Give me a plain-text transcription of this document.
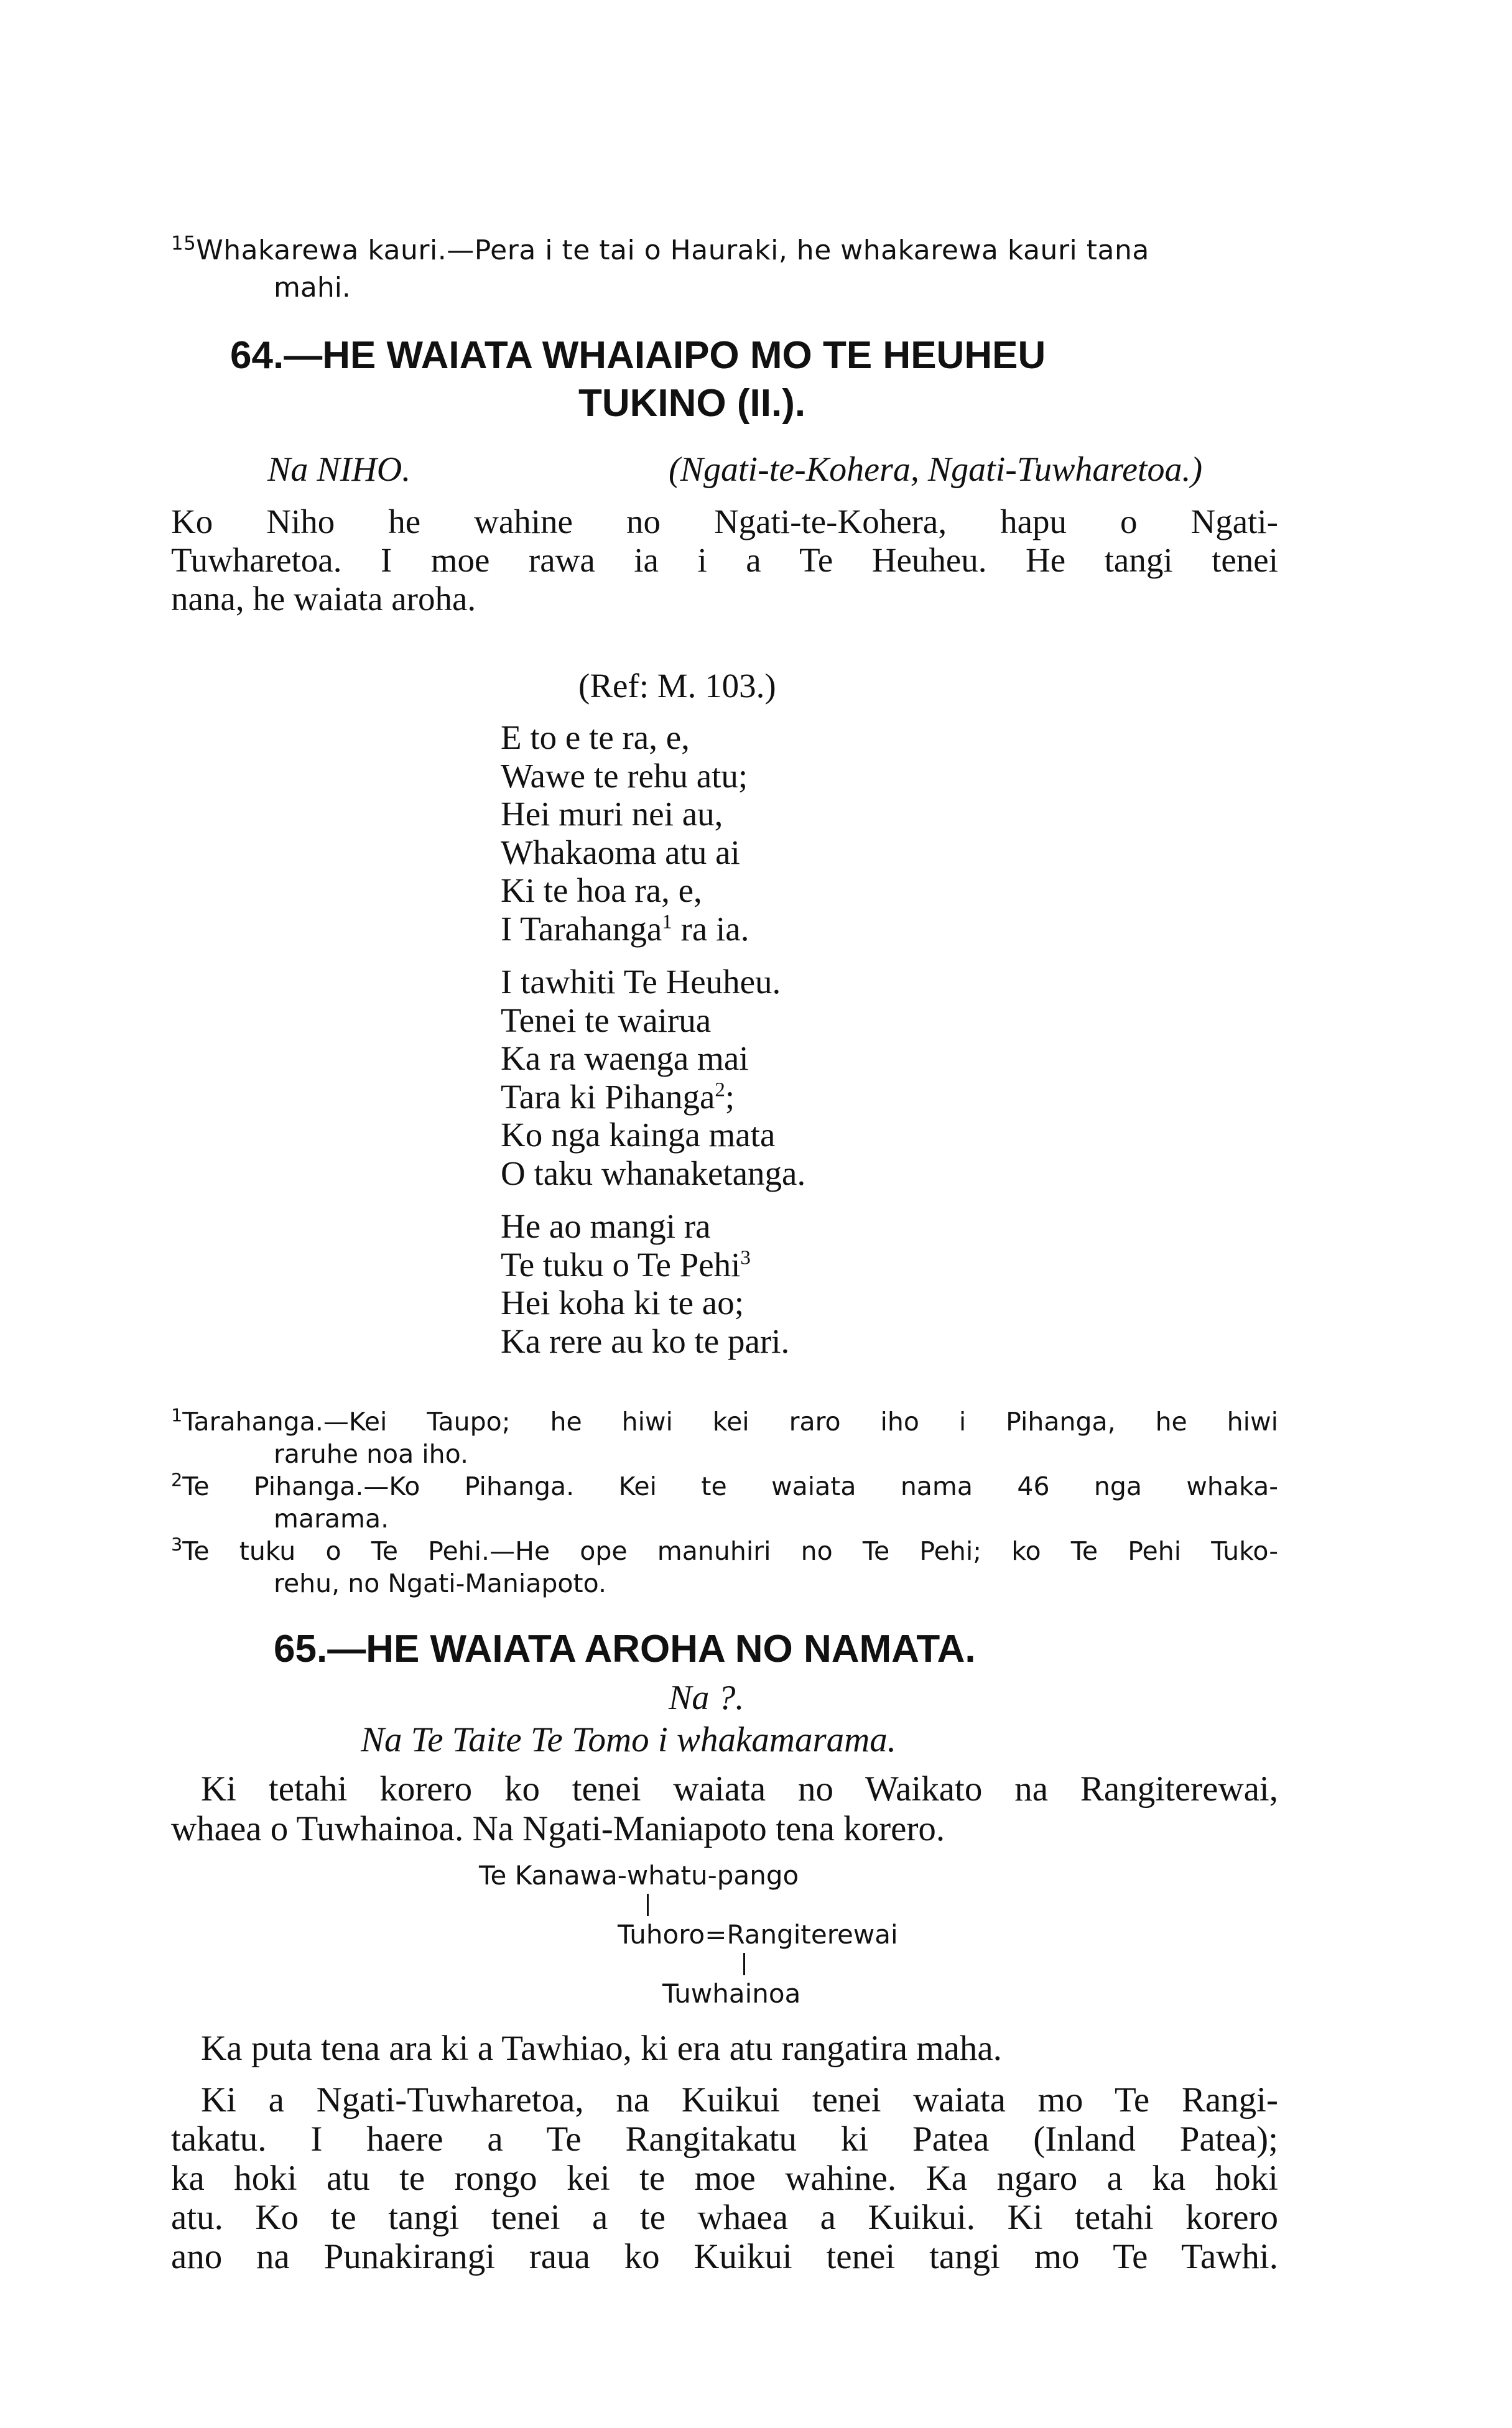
$^{15}$Whakarewa kauri.—Pera i te tai o Hauraki, he whakarewa kauri tana
mahi.
64.—HE WAIATA WHAIAIPO MO TE HEUHEU
TUKINO (II.).
Na NIHO.	(Ngati-te-Kohera, Ngati-Tuwharetoa.)
Ko Niho he wahine no Ngati-te-Kohera, hapu o Ngati-
Tuwharetoa. I moe rawa ia i a Te Heuheu. He tangi tenei
nana, he waiata aroha.
(Ref: M. 103.)
E to e te ra, e,
Wawe te rehu atu;
Hei muri nei au,
Whakaoma atu ai
Ki te hoa ra, e,
I Tarahanga$^1$ ra ia.
I tawhiti Te Heuheu.
Tenei te wairua
Ka ra waenga mai
Tara ki Pihanga$^2$;
Ko nga kainga mata
O taku whanaketanga.
He ao mangi ra
Te tuku o Te Pehi$^3$
Hei koha ki te ao;
Ka rere au ko te pari.
$^1$Tarahanga.—Kei Taupo; he hiwi kei raro iho i Pihanga, he hiwi
raruhe noa iho.
$^2$Te Pihanga.—Ko Pihanga. Kei te waiata nama 46 nga whaka-
marama.
$^3$Te tuku o Te Pehi.—He ope manuhiri no Te Pehi; ko Te Pehi Tuko-
rehu, no Ngati-Maniapoto.
65.—HE WAIATA AROHA NO NAMATA.
Na ?.
Na Te Taite Te Tomo i whakamarama.
Ki tetahi korero ko tenei waiata no Waikato na Rangiterewai,
whaea o Tuwhainoa. Na Ngati-Maniapoto tena korero.
Te Kanawa-whatu-pango
Tuhoro=Rangiterewai
Tuwhainoa
Ka puta tena ara ki a Tawhiao, ki era atu rangatira maha.
Ki a Ngati-Tuwharetoa, na Kuikui tenei waiata mo Te Rangi-
takatu. I haere a Te Rangitakatu ki Patea (Inland Patea);
ka hoki atu te rongo kei te moe wahine. Ka ngaro a ka hoki
atu. Ko te tangi tenei a te whaea a Kuikui. Ki tetahi korero
ano na Punakirangi raua ko Kuikui tenei tangi mo Te Tawhi.
